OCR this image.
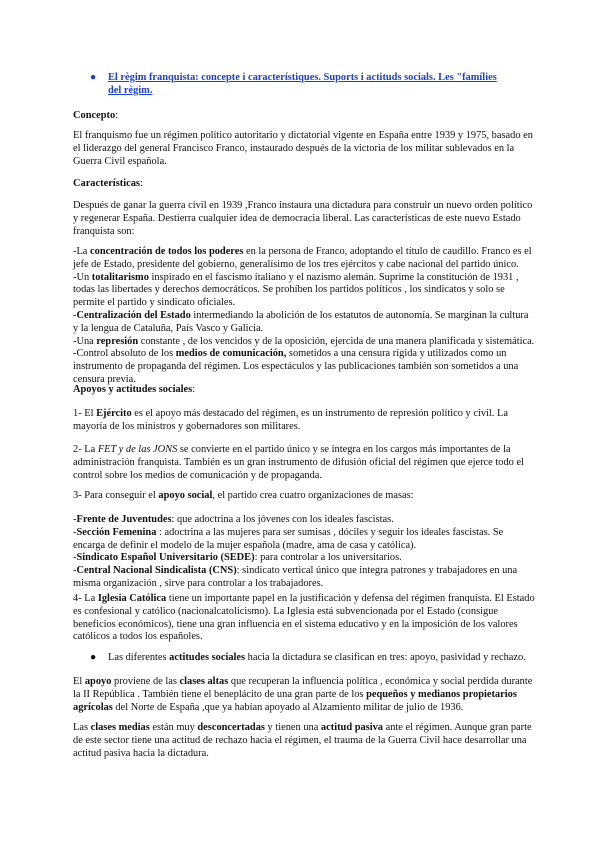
● El règim franquista: concepte i característiques. Suports i actituds socials. Les "famílies del règim.

Concepto:

El franquismo fue un régimen político autoritario y dictatorial vigente en España entre 1939 y 1975, basado en el liderazgo del general Francisco Franco, instaurado después de la victoria de los militar sublevados en la Guerra Civil española.

Características:

Después de ganar la guerra civil en 1939 ,Franco instaura una dictadura para construir un nuevo orden político y regenerar España. Destierra cualquier idea de democracia liberal. Las características de este nuevo Estado franquista son:

-La concentración de todos los poderes en la persona de Franco, adoptando el título de caudillo. Franco es el jefe de Estado, presidente del gobierno, generalísimo de los tres ejércitos y cabe nacional del partido único.
-Un totalitarismo inspirado en el fascismo italiano y el nazismo alemán. Suprime la constitución de 1931 , todas las libertades y derechos democráticos. Se prohíben los partidos políticos , los sindicatos y solo se permite el partido y sindicato oficiales.
-Centralización del Estado intermediando la abolición de los estatutos de autonomía. Se marginan la cultura y la lengua de Cataluña, País Vasco y Galicia.
-Una represión constante , de los vencidos y de la oposición, ejercida de una manera planificada y sistemática.
-Control absoluto de los medios de comunicación, sometidos a una censura rígida y utilizados como un instrumento de propaganda del régimen. Los espectáculos y las publicaciones también son sometidos a una censura previa.

Apoyos y actitudes sociales:

1- El Ejército es el apoyo más destacado del régimen, es un instrumento de represión político y civil. La mayoría de los ministros y gobernadores son militares.

2- La FET y de las JONS se convierte en el partido único y se integra en los cargos más importantes de la administración franquista. También es un gran instrumento de difusión oficial del régimen que ejerce todo el control sobre los medios de comunicación y de propaganda.

3- Para conseguir el apoyo social, el partido crea cuatro organizaciones de masas:

-Frente de Juventudes: que adoctrina a los jóvenes con los ideales fascistas.
-Sección Femenina : adoctrina a las mujeres para ser sumisas , dóciles y seguir los ideales fascistas. Se encarga de definir el modelo de la mujer española (madre, ama de casa y católica).
-Sindicato Español Universitario (SEDE): para controlar a los universitarios.
-Central Nacional Sindicalista (CNS): sindicato vertical único que integra patrones y trabajadores en una misma organización , sirve para controlar a los trabajadores.

4- La Iglesia Católica tiene un importante papel en la justificación y defensa del régimen franquista. El Estado es confesional y católico (nacionalcatolicismo). La Iglesia está subvencionada por el Estado (consigue beneficios económicos), tiene una gran influencia en el sistema educativo y en la imposición de los valores católicos a todos los españoles.

● Las diferentes actitudes sociales hacia la dictadura se clasifican en tres: apoyo, pasividad y rechazo.

El apoyo proviene de las clases altas que recuperan la influencia política , económica y social perdida durante la II República . También tiene el beneplácito de una gran parte de los pequeños y medianos propietarios agrícolas del Norte de España ,que ya habían apoyado al Alzamiento militar de julio de 1936.

Las clases medias están muy desconcertadas y tienen una actitud pasiva ante el régimen. Aunque gran parte de este sector tiene una actitud de rechazo hacia el régimen, el trauma de la Guerra Civil hace desarrollar una actitud pasiva hacia la dictadura.
